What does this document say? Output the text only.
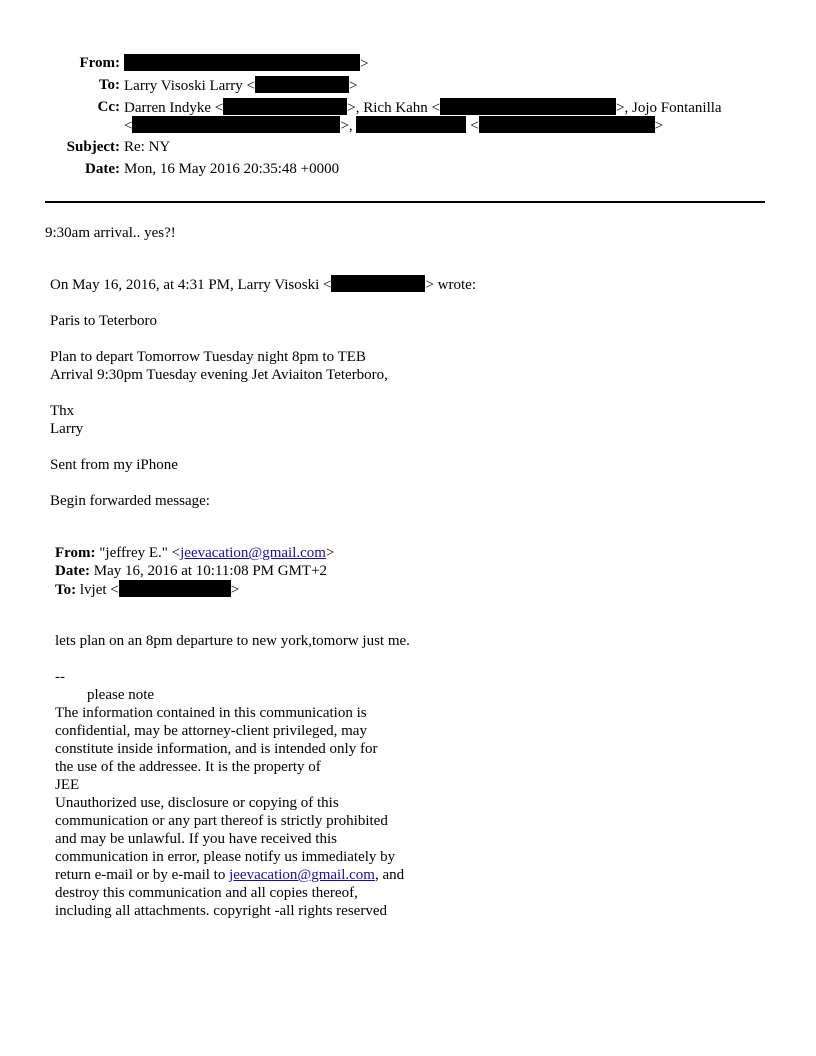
From:	>
To: Larry Visoski Larry <	>
Cc: Darren Indyke <	>, Rich Kahn <	>, Jojo Fontanilla
<	>,	<	>
Subject: Re: NY
Date: Mon, 16 May 2016 20:35:48 +0000
9:30am arrival.. yes?!
On May 16, 2016, at 4:31 PM, Larry Visoski <	> wrote:
Paris to Teterboro
Plan to depart Tomorrow Tuesday night 8pm to TEB
Arrival 9:30pm Tuesday evening Jet Aviaiton Teterboro,
Thx
Larry
Sent from my iPhone
Begin forwarded message:
From: "jeffrey E." <jeevacation@gmail.com>
Date: May 16, 2016 at 10:11:08 PM GMT+2
To: lvjet <	>
lets plan on an 8pm departure to new york,tomorw just me.
--
please note
The information contained in this communication is
confidential, may be attorney-client privileged, may
constitute inside information, and is intended only for
the use of the addressee. It is the property of
JEE
Unauthorized use, disclosure or copying of this
communication or any part thereof is strictly prohibited
and may be unlawful. If you have received this
communication in error, please notify us immediately by
return e-mail or by e-mail to jeevacation@gmail.com, and
destroy this communication and all copies thereof,
including all attachments. copyright -all rights reserved
